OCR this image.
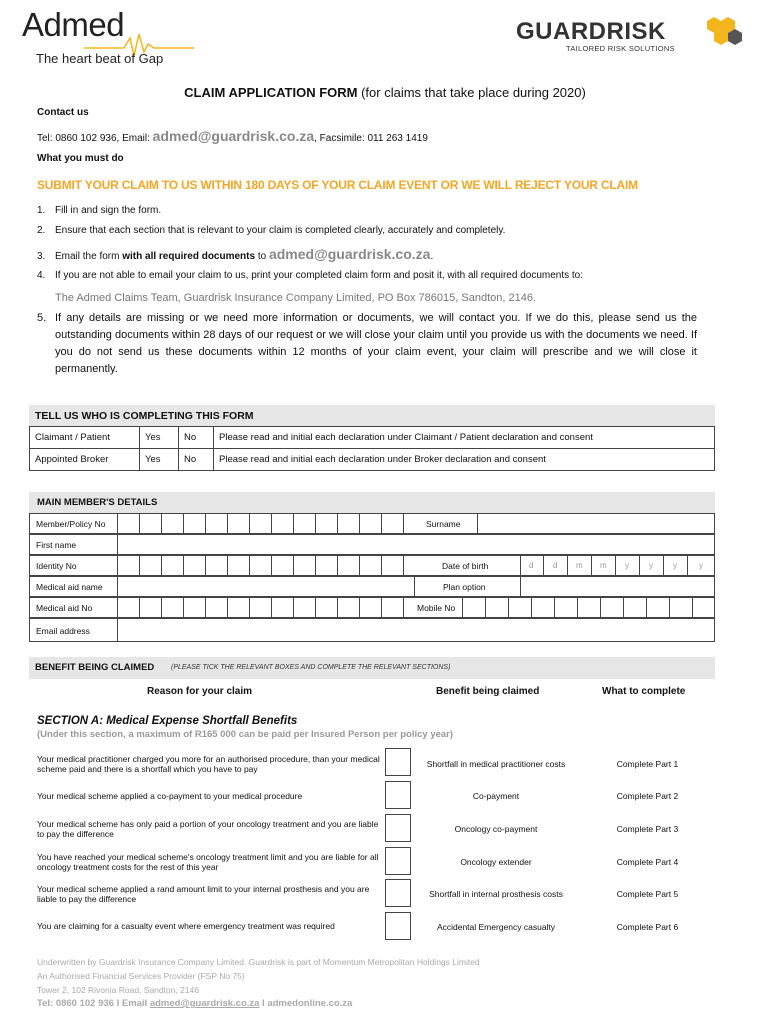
Admed
The heart beat of Gap
GUARDRISK
TAILORED RISK SOLUTIONS
CLAIM APPLICATION FORM (for claims that take place during 2020)
Contact us
Tel: 0860 102 936, Email: admed@guardrisk.co.za, Facsimile: 011 263 1419
What you must do
SUBMIT YOUR CLAIM TO US WITHIN 180 DAYS OF YOUR CLAIM EVENT OR WE WILL REJECT YOUR CLAIM
1. Fill in and sign the form.
2. Ensure that each section that is relevant to your claim is completed clearly, accurately and completely.
3. Email the form with all required documents to admed@guardrisk.co.za.
4. If you are not able to email your claim to us, print your completed claim form and posit it, with all required documents to:
The Admed Claims Team, Guardrisk Insurance Company Limited, PO Box 786015, Sandton, 2146.
5. If any details are missing or we need more information or documents, we will contact you. If we do this, please send us the outstanding documents within 28 days of our request or we will close your claim until you provide us with the documents we need. If you do not send us these documents within 12 months of your claim event, your claim will prescribe and we will close it permanently.
TELL US WHO IS COMPLETING THIS FORM
Claimant / Patient	Yes	No	Please read and initial each declaration under Claimant / Patient declaration and consent
Appointed Broker	Yes	No	Please read and initial each declaration under Broker declaration and consent
MAIN MEMBER'S DETAILS
Member/Policy No	Surname
First name
Identity No	Date of birth	d d m m y	y	y	y
Medical aid name	Plan option
Medical aid No	Mobile No
Email address
BENEFIT BEING CLAIMED (PLEASE TICK THE RELEVANT BOXES AND COMPLETE THE RELEVANT SECTIONS)
Reason for your claim	Benefit being claimed	What to complete
SECTION A: Medical Expense Shortfall Benefits
(Under this section, a maximum of R165 000 can be paid per Insured Person per policy year)
Your medical practitioner charged you more for an authorised procedure, than your medical scheme paid and there is a shortfall which you have to pay	Shortfall in medical practitioner costs	Complete Part 1
Your medical scheme applied a co-payment to your medical procedure	Co-payment	Complete Part 2
Your medical scheme has only paid a portion of your oncology treatment and you are liable to pay the difference	Oncology co-payment	Complete Part 3
You have reached your medical scheme's oncology treatment limit and you are liable for all oncology treatment costs for the rest of this year	Oncology extender	Complete Part 4
Your medical scheme applied a rand amount limit to your internal prosthesis and you are liable to pay the difference	Shortfall in internal prosthesis costs	Complete Part 5
You are claiming for a casualty event where emergency treatment was required	Accidental Emergency casualty	Complete Part 6
Underwritten by Guardrisk Insurance Company Limited. Guardrisk is part of Momentum Metropolitan Holdings Limited
An Authorised Financial Services Provider (FSP No 75)
Tower 2, 102 Rivonia Road, Sandton, 2146
Tel: 0860 102 936 I Email admed@guardrisk.co.za I admedonline.co.za
